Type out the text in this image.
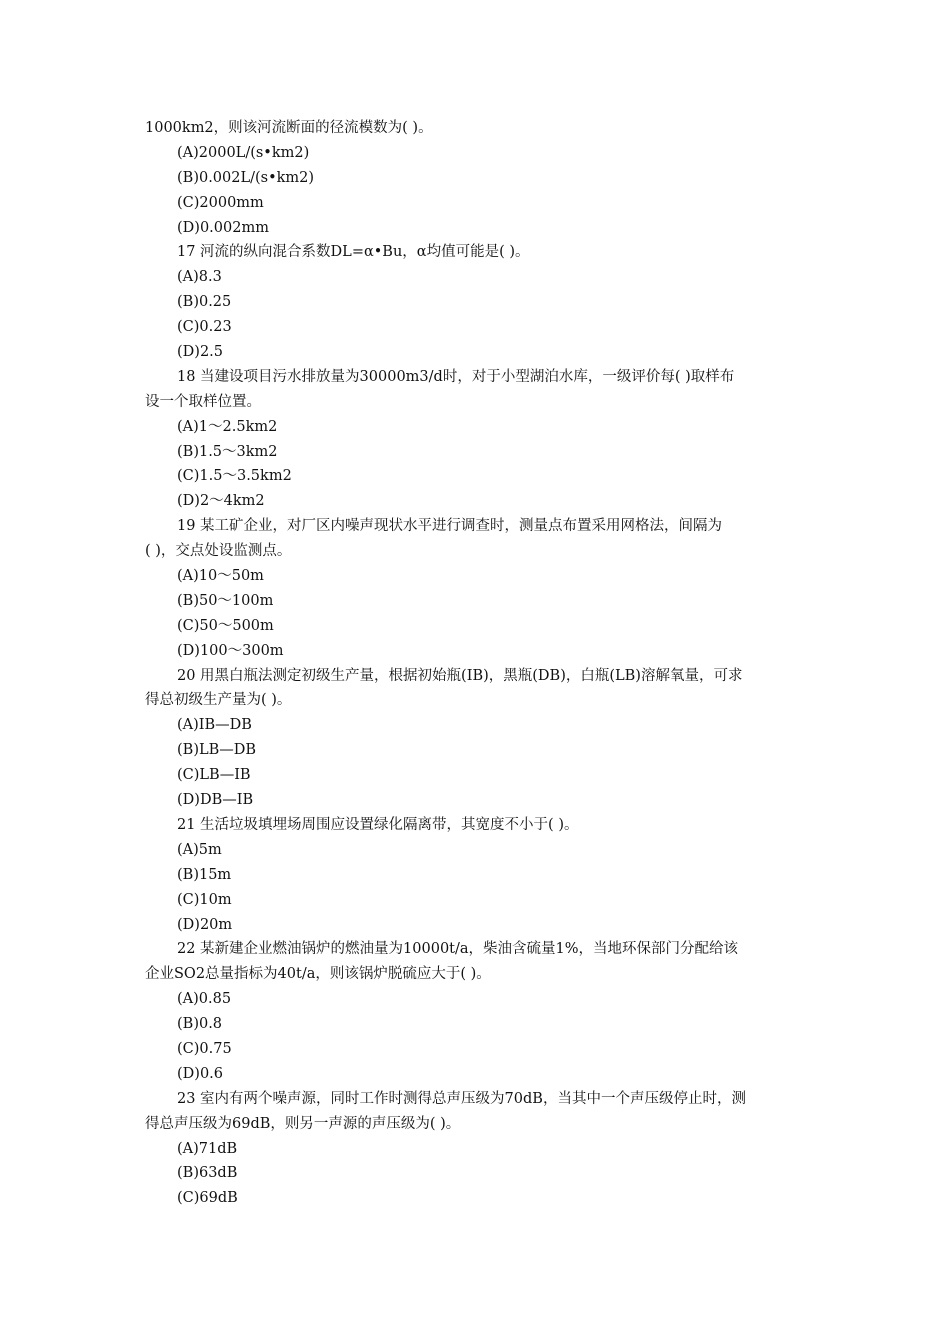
1000km2，则该河流断面的径流模数为( )。
(A)2000L/(s•km2)
(B)0.002L/(s•km2)
(C)2000mm
(D)0.002mm
17 河流的纵向混合系数DL=α•Bu，α均值可能是( )。
(A)8.3
(B)0.25
(C)0.23
(D)2.5
18 当建设项目污水排放量为30000m3/d时，对于小型湖泊水库，一级评价每( )取样布
设一个取样位置。
(A)1～2.5km2
(B)1.5～3km2
(C)1.5～3.5km2
(D)2～4km2
19 某工矿企业，对厂区内噪声现状水平进行调查时，测量点布置采用网格法，间隔为
( )，交点处设监测点。
(A)10～50m
(B)50～100m
(C)50～500m
(D)100～300m
20 用黑白瓶法测定初级生产量，根据初始瓶(IB)，黑瓶(DB)，白瓶(LB)溶解氧量，可求
得总初级生产量为( )。
(A)IB—DB
(B)LB—DB
(C)LB—IB
(D)DB—IB
21 生活垃圾填埋场周围应设置绿化隔离带，其宽度不小于( )。
(A)5m
(B)15m
(C)10m
(D)20m
22 某新建企业燃油锅炉的燃油量为10000t/a，柴油含硫量1%，当地环保部门分配给该
企业SO2总量指标为40t/a，则该锅炉脱硫应大于( )。
(A)0.85
(B)0.8
(C)0.75
(D)0.6
23 室内有两个噪声源，同时工作时测得总声压级为70dB，当其中一个声压级停止时，测
得总声压级为69dB，则另一声源的声压级为( )。
(A)71dB
(B)63dB
(C)69dB
